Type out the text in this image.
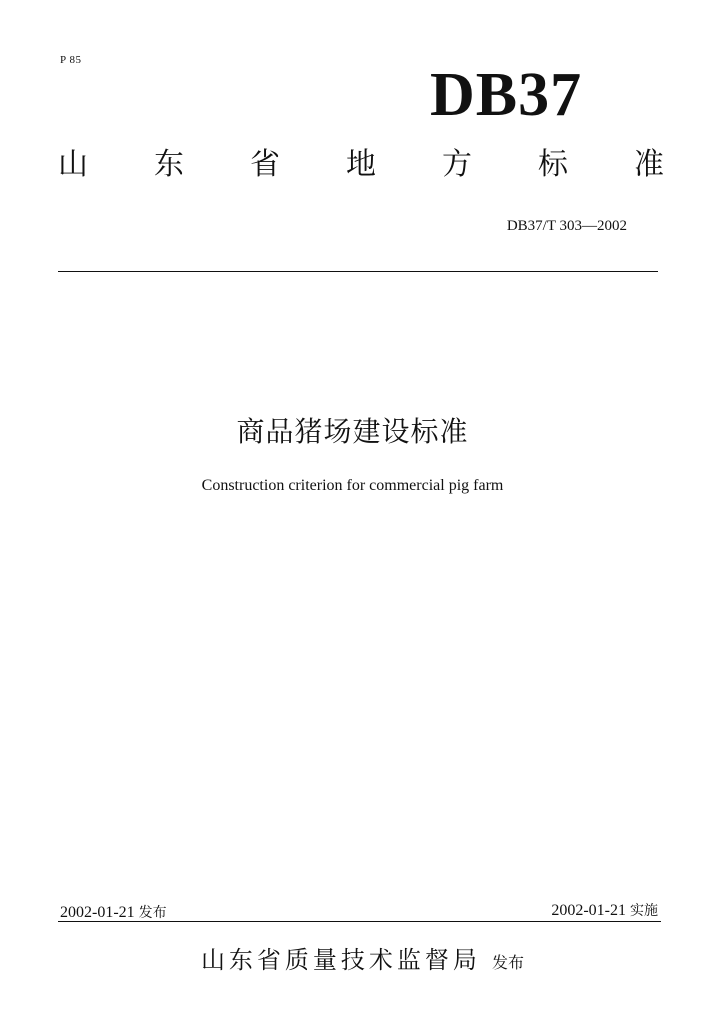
P 85
DB37
山 东 省 地 方 标 准
DB37/T 303—2002
商品猪场建设标准
Construction criterion for commercial pig farm
2002-01-21 发布	2002-01-21 实施
山东省质量技术监督局 发布
